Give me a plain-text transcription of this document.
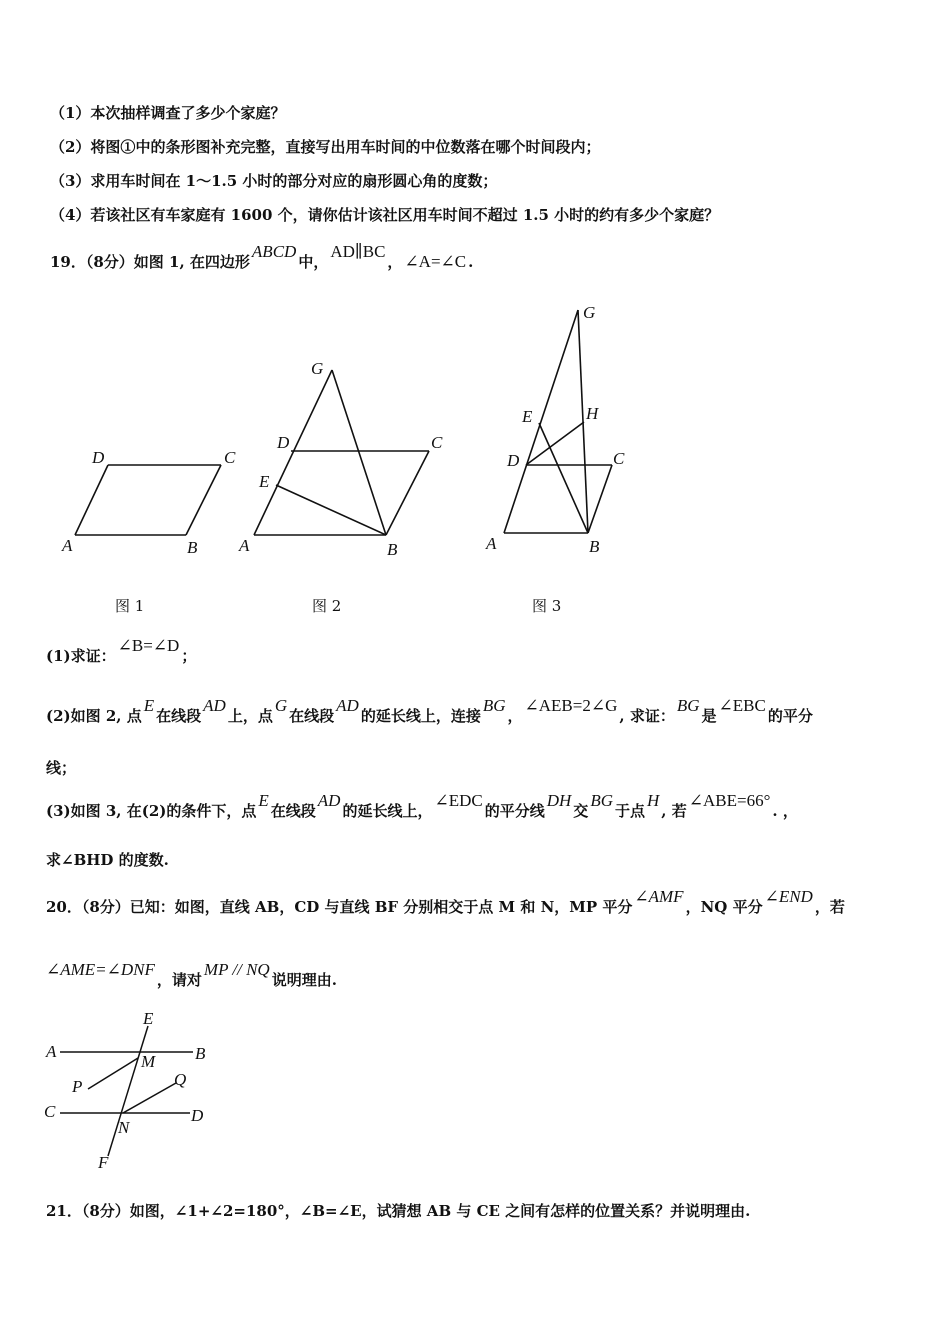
（1）本次抽样调查了多少个家庭？
（2）将图①中的条形图补充完整，直接写出用车时间的中位数落在哪个时间段内；
（3）求用车时间在 1～1.5 小时的部分对应的扇形圆心角的度数；
（4）若该社区有车家庭有 1600 个，请你估计该社区用车时间不超过 1.5 小时的约有多少个家庭？
19．（8分）如图 1, 在四边形ABCD中，AD∥BC， ∠A=∠C .
D	C
A	B
G
D	C
E
A	B
G
E	H
D	C
A	B
E
A	B
M
P	Q
C	D
N
F
图 1	图 2	图 3
(1)求证：∠B=∠D；
(2)如图 2, 点E在线段AD上，点G在线段AD的延长线上，连接BG，∠AEB=2∠G, 求证：BG是∠EBC的平分
线；
(3)如图 3, 在(2)的条件下，点E在线段AD的延长线上，∠EDC的平分线DH交BG于点H, 若∠ABE=66°. ，
求∠BHD 的度数.
20．（8分）已知：如图，直线 AB，CD 与直线 BF 分别相交于点 M 和 N，MP 平分∠AMF，NQ 平分∠END，若
∠AME=∠DNF，请对MP // NQ说明理由.
21．（8分）如图，∠1+∠2=180°，∠B=∠E，试猜想 AB 与 CE 之间有怎样的位置关系？并说明理由.
